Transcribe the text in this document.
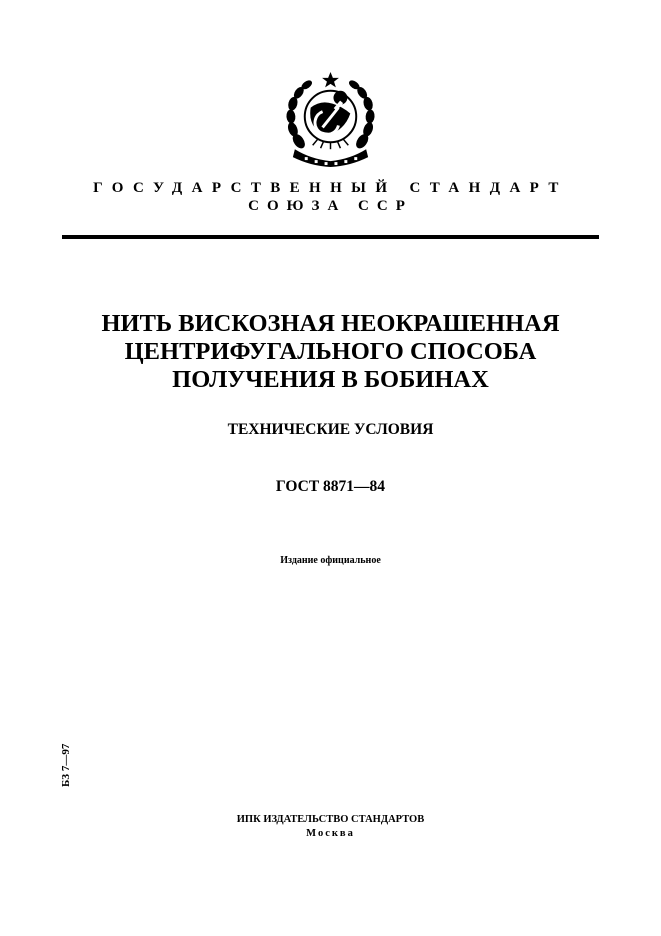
ГОСУДАРСТВЕННЫЙ СТАНДАРТ
СОЮЗА ССР
НИТЬ ВИСКОЗНАЯ НЕОКРАШЕННАЯ
ЦЕНТРИФУГАЛЬНОГО СПОСОБА
ПОЛУЧЕНИЯ В БОБИНАХ
ТЕХНИЧЕСКИЕ УСЛОВИЯ
ГОСТ 8871—84
Издание официальное
БЗ 7—97
ИПК ИЗДАТЕЛЬСТВО СТАНДАРТОВ
Москва
